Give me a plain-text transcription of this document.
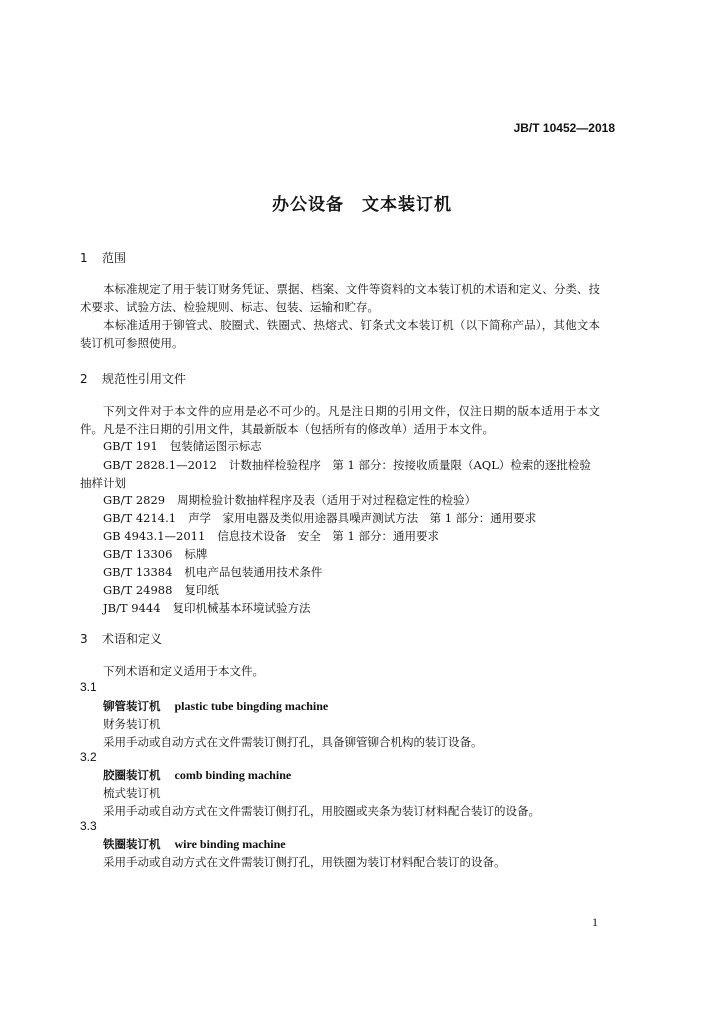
JB/T 10452—2018
办公设备　文本装订机
1 范围
本标准规定了用于装订财务凭证、票据、档案、文件等资料的文本装订机的术语和定义、分类、技术要求、试验方法、检验规则、标志、包装、运输和贮存。
本标准适用于铆管式、胶圈式、铁圈式、热熔式、钉条式文本装订机（以下简称产品），其他文本装订机可参照使用。
2 规范性引用文件
下列文件对于本文件的应用是必不可少的。凡是注日期的引用文件，仅注日期的版本适用于本文件。凡是不注日期的引用文件，其最新版本（包括所有的修改单）适用于本文件。
GB/T 191 包装储运图示标志
GB/T 2828.1—2012 计数抽样检验程序　第 1 部分：按接收质量限（AQL）检索的逐批检验抽样计划
GB/T 2829 周期检验计数抽样程序及表（适用于对过程稳定性的检验）
GB/T 4214.1 声学　家用电器及类似用途器具噪声测试方法　第 1 部分：通用要求
GB 4943.1—2011 信息技术设备　安全　第 1 部分：通用要求
GB/T 13306 标牌
GB/T 13384 机电产品包装通用技术条件
GB/T 24988 复印纸
JB/T 9444 复印机械基本环境试验方法
3 术语和定义
下列术语和定义适用于本文件。
3.1
铆管装订机 plastic tube bingding machine
财务装订机
采用手动或自动方式在文件需装订侧打孔，具备铆管铆合机构的装订设备。
3.2
胶圈装订机 comb binding machine
梳式装订机
采用手动或自动方式在文件需装订侧打孔，用胶圈或夹条为装订材料配合装订的设备。
3.3
铁圈装订机 wire binding machine
采用手动或自动方式在文件需装订侧打孔，用铁圈为装订材料配合装订的设备。
1
